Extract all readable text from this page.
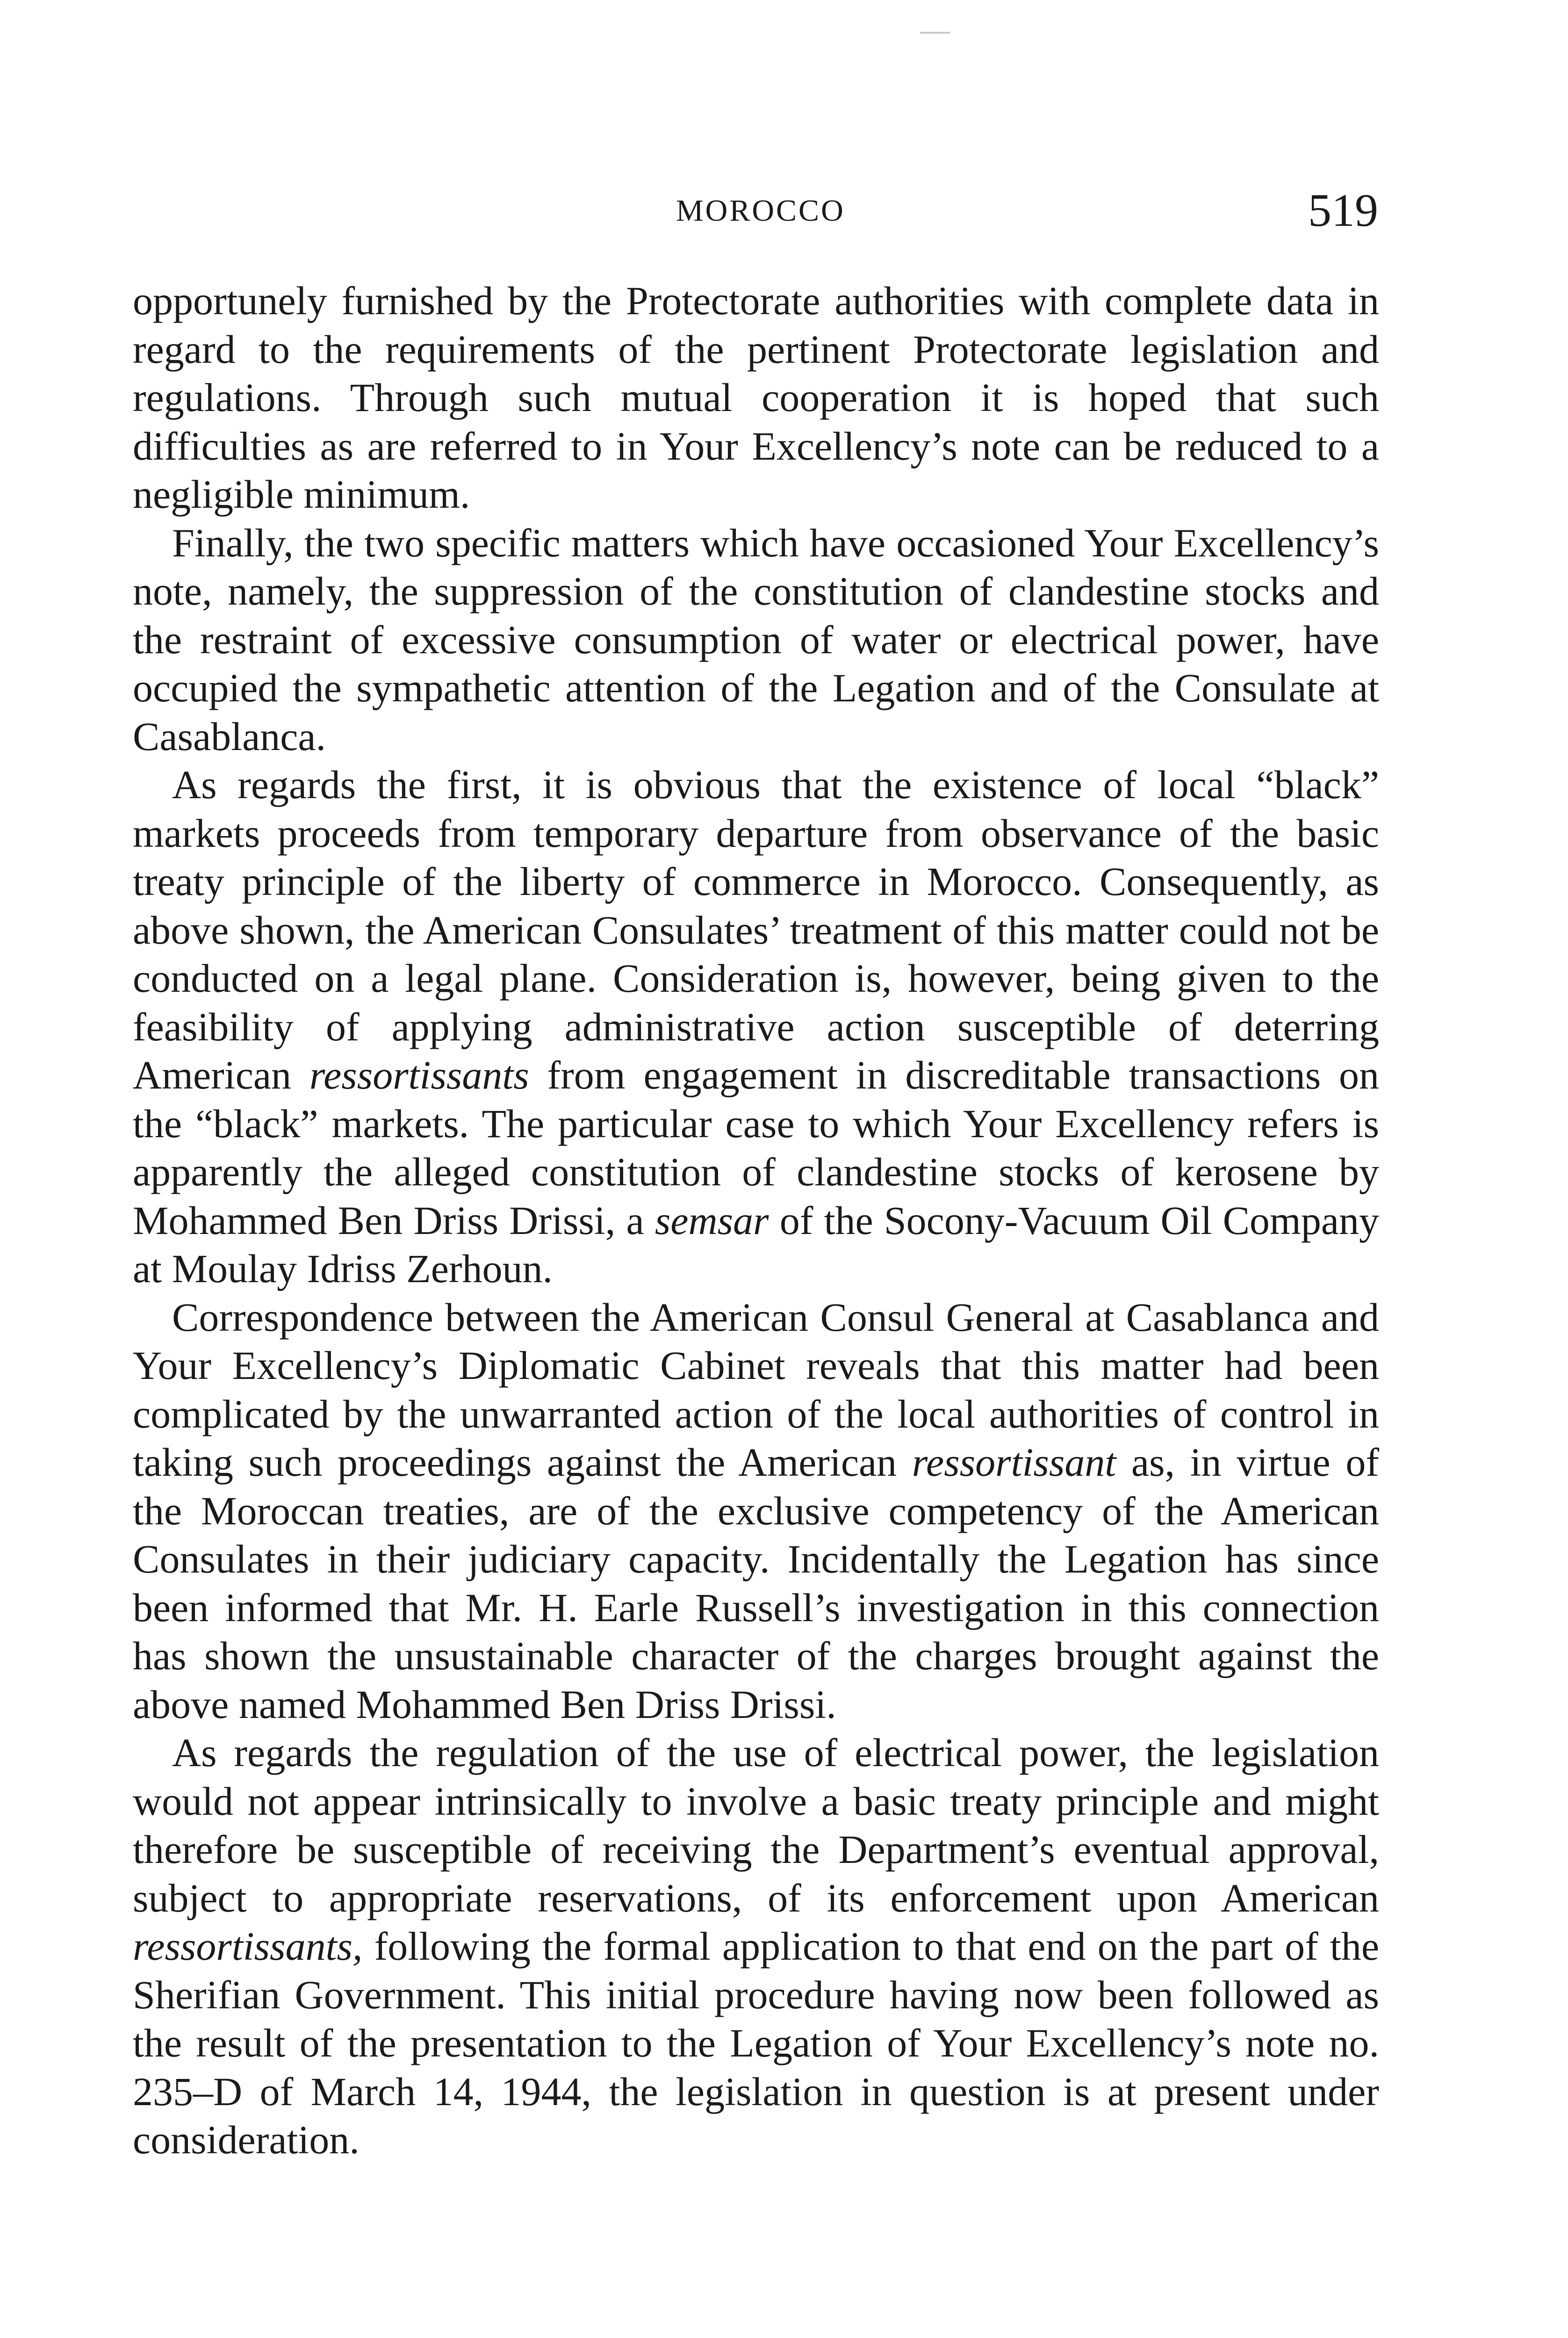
MOROCCO	519

opportunely furnished by the Protectorate authorities with complete data in regard to the requirements of the pertinent Protectorate legislation and regulations. Through such mutual cooperation it is hoped that such difficulties as are referred to in Your Excellency’s note can be reduced to a negligible minimum.

Finally, the two specific matters which have occasioned Your Excellency’s note, namely, the suppression of the constitution of clandestine stocks and the restraint of excessive consumption of water or electrical power, have occupied the sympathetic attention of the Legation and of the Consulate at Casablanca.

As regards the first, it is obvious that the existence of local “black” markets proceeds from temporary departure from observance of the basic treaty principle of the liberty of commerce in Morocco. Consequently, as above shown, the American Consulates’ treatment of this matter could not be conducted on a legal plane. Consideration is, however, being given to the feasibility of applying administrative action susceptible of deterring American ressortissants from engagement in discreditable transactions on the “black” markets. The particular case to which Your Excellency refers is apparently the alleged constitution of clandestine stocks of kerosene by Mohammed Ben Driss Drissi, a semsar of the Socony-Vacuum Oil Company at Moulay Idriss Zerhoun.

Correspondence between the American Consul General at Casablanca and Your Excellency’s Diplomatic Cabinet reveals that this matter had been complicated by the unwarranted action of the local authorities of control in taking such proceedings against the American ressortissant as, in virtue of the Moroccan treaties, are of the exclusive competency of the American Consulates in their judiciary capacity. Incidentally the Legation has since been informed that Mr. H. Earle Russell’s investigation in this connection has shown the unsustainable character of the charges brought against the above named Mohammed Ben Driss Drissi.

As regards the regulation of the use of electrical power, the legislation would not appear intrinsically to involve a basic treaty principle and might therefore be susceptible of receiving the Department’s eventual approval, subject to appropriate reservations, of its enforcement upon American ressortissants, following the formal application to that end on the part of the Sherifian Government. This initial procedure having now been followed as the result of the presentation to the Legation of Your Excellency’s note no. 235–D of March 14, 1944, the legislation in question is at present under consideration.
